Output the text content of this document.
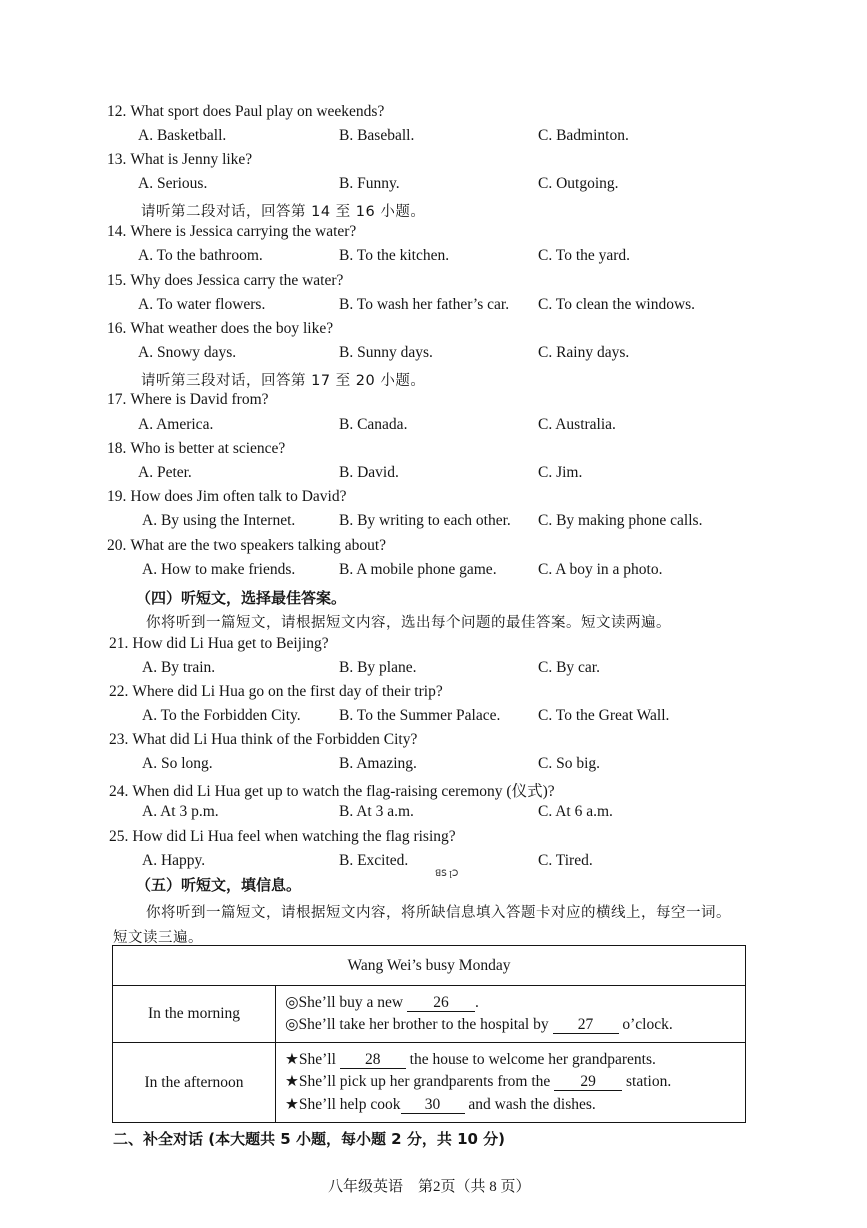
12. What sport does Paul play on weekends?
A. Basketball.	B. Baseball.	C. Badminton.
13. What is Jenny like?
A. Serious.	B. Funny.	C. Outgoing.
请听第二段对话，回答第 14 至 16 小题。
14. Where is Jessica carrying the water?
A. To the bathroom.	B. To the kitchen.	C. To the yard.
15. Why does Jessica carry the water?
A. To water flowers.	B. To wash her father’s car. C. To clean the windows.
16. What weather does the boy like?
A. Snowy days.	B. Sunny days.	C. Rainy days.
请听第三段对话，回答第 17 至 20 小题。
17. Where is David from?
A. America.	B. Canada.	C. Australia.
18. Who is better at science?
A. Peter.	B. David.	C. Jim.
19. How does Jim often talk to David?
A. By using the Internet.	B. By writing to each other. C. By making phone calls.
20. What are the two speakers talking about?
A. How to make friends.	B. A mobile phone game.	C. A boy in a photo.
（四）听短文，选择最佳答案。
你将听到一篇短文，请根据短文内容，选出每个问题的最佳答案。短文读两遍。
21. How did Li Hua get to Beijing?
A. By train.	B. By plane.	C. By car.
22. Where did Li Hua go on the first day of their trip?
A. To the Forbidden City. B. To the Summer Palace. C. To the Great Wall.
23. What did Li Hua think of the Forbidden City?
A. So long.	B. Amazing.	C. So big.
24. When did Li Hua get up to watch the flag-raising ceremony (仪式)?
A. At 3 p.m.	B. At 3 a.m.	C. At 6 a.m.
25. How did Li Hua feel when watching the flag rising?
A. Happy.	B. Excited.	C. Tired.
（五）听短文，填信息。
ꓭꓢ ꞁꓛ
你将听到一篇短文，请根据短文内容，将所缺信息填入答题卡对应的横线上，每空一词。
短文读三遍。
Wang Wei’s busy Monday	
In the morning	◎She’ll buy a new 26 .
◎She’ll take her brother to the hospital by 27 o’clock.

In the afternoon	★She’ll 28 the house to welcome her grandparents.
★She’ll pick up her grandparents from the 29 station.
★She’ll help cook 30 and wash the dishes.
二、补全对话 (本大题共 5 小题，每小题 2 分，共 10 分)
八年级英语　第2页（共 8 页）
